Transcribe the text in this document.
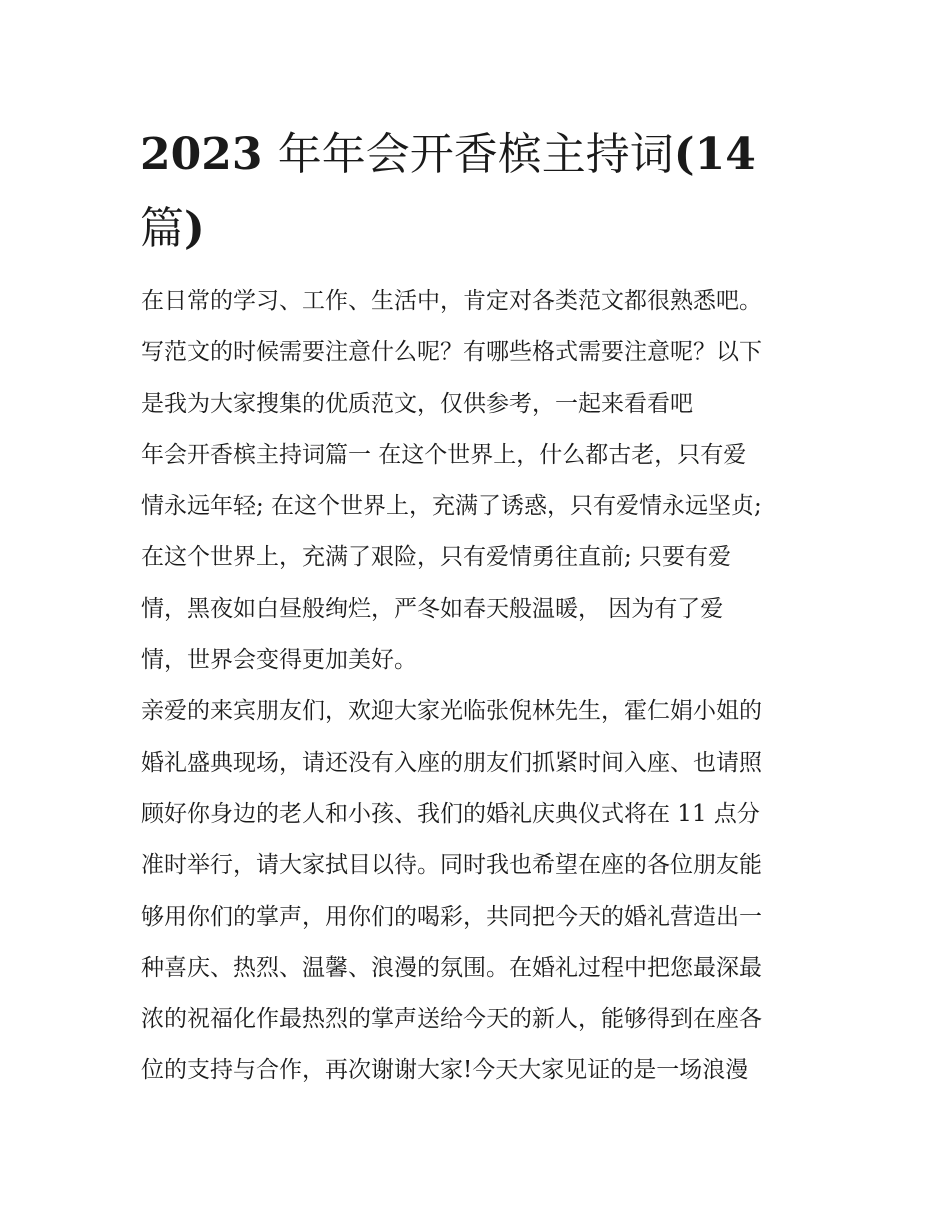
2023 年年会开香槟主持词(14
篇)
在日常的学习、工作、生活中，肯定对各类范文都很熟悉吧。
写范文的时候需要注意什么呢？有哪些格式需要注意呢？以下
是我为大家搜集的优质范文，仅供参考，一起来看看吧
年会开香槟主持词篇一 在这个世界上，什么都古老，只有爱
情永远年轻; 在这个世界上，充满了诱惑，只有爱情永远坚贞;
在这个世界上，充满了艰险，只有爱情勇往直前; 只要有爱
情，黑夜如白昼般绚烂，严冬如春天般温暖， 因为有了爱
情，世界会变得更加美好。
亲爱的来宾朋友们，欢迎大家光临张倪林先生，霍仁娟小姐的
婚礼盛典现场，请还没有入座的朋友们抓紧时间入座、也请照
顾好你身边的老人和小孩、我们的婚礼庆典仪式将在 11 点分
准时举行，请大家拭目以待。同时我也希望在座的各位朋友能
够用你们的掌声，用你们的喝彩，共同把今天的婚礼营造出一
种喜庆、热烈、温馨、浪漫的氛围。在婚礼过程中把您最深最
浓的祝福化作最热烈的掌声送给今天的新人，能够得到在座各
位的支持与合作，再次谢谢大家!今天大家见证的是一场浪漫
